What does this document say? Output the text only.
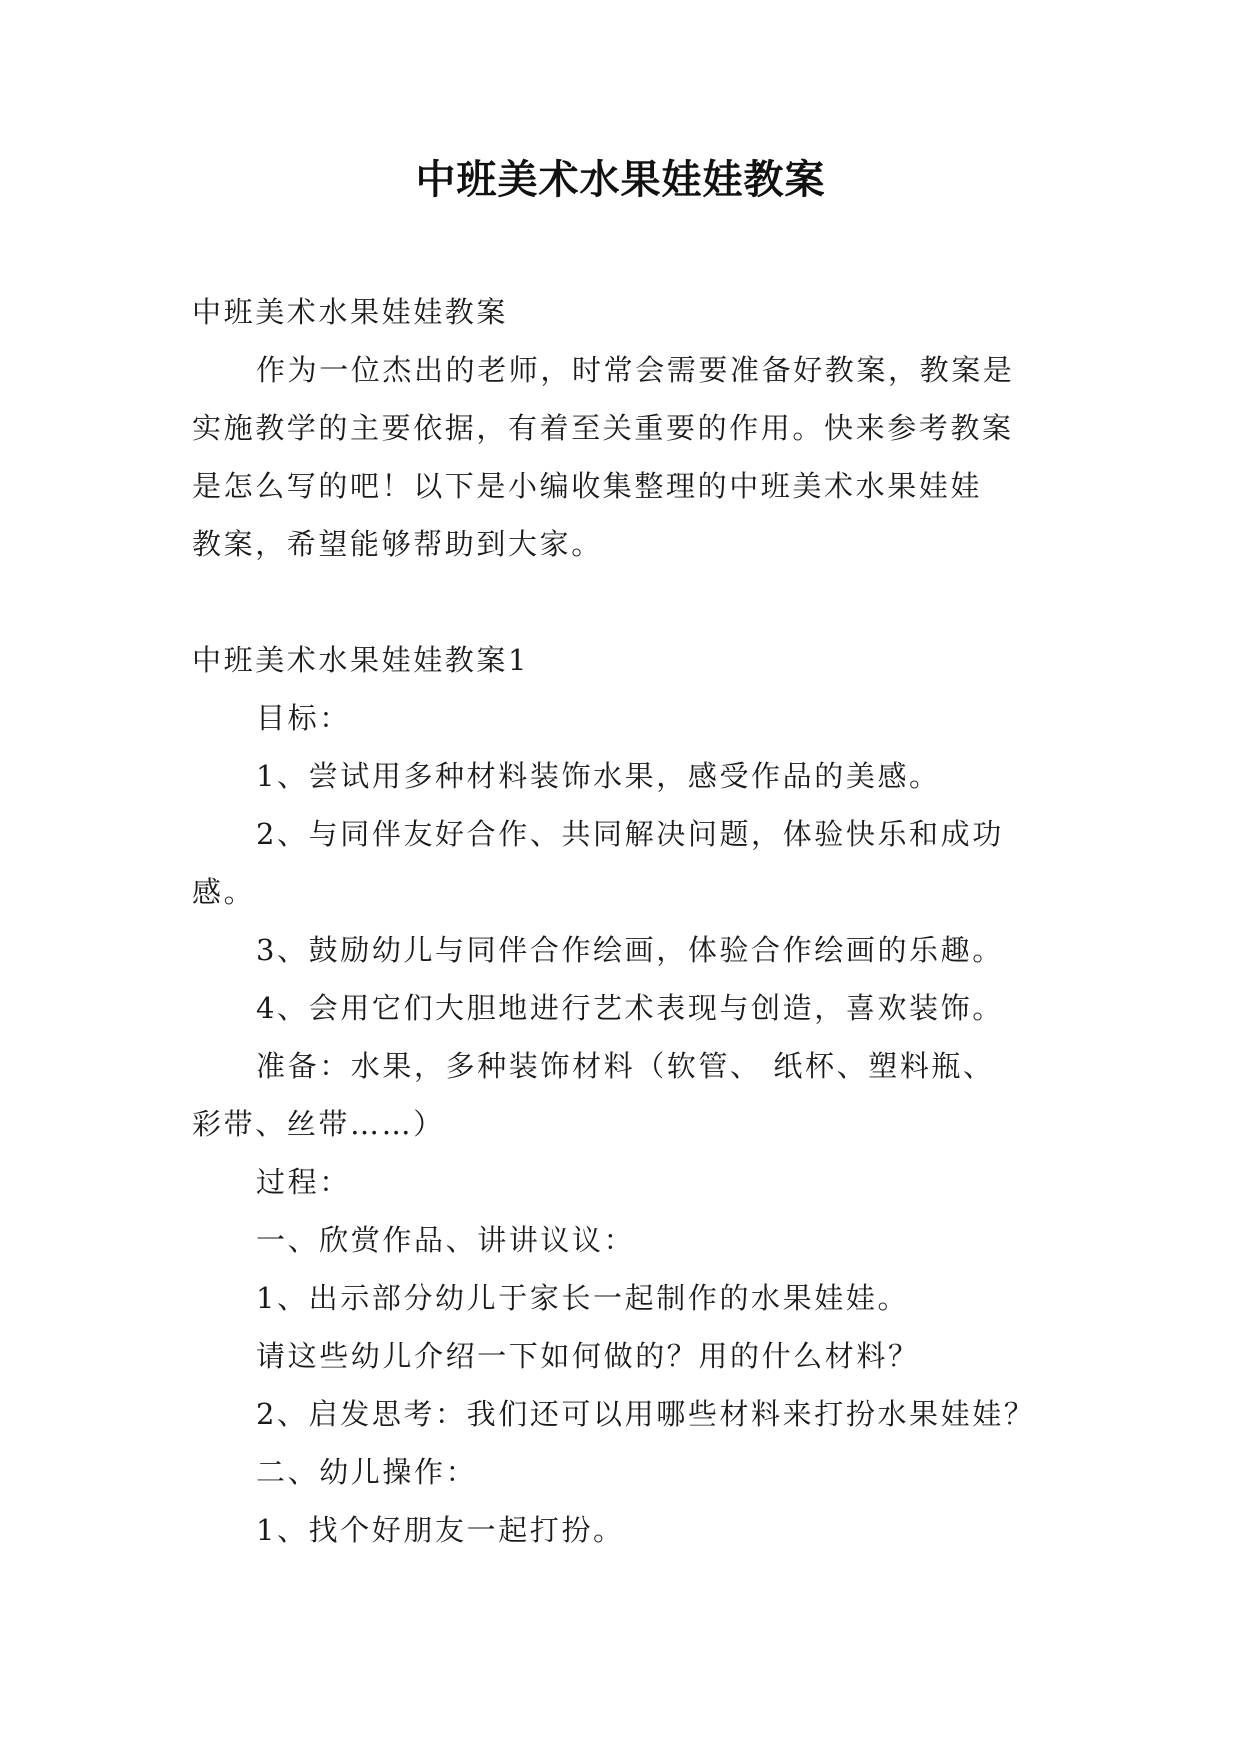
中班美术水果娃娃教案
中班美术水果娃娃教案
作为一位杰出的老师，时常会需要准备好教案，教案是
实施教学的主要依据，有着至关重要的作用。快来参考教案
是怎么写的吧！以下是小编收集整理的中班美术水果娃娃
教案，希望能够帮助到大家。
中班美术水果娃娃教案1
目标：
1、尝试用多种材料装饰水果，感受作品的美感。
2、与同伴友好合作、共同解决问题，体验快乐和成功
感。
3、鼓励幼儿与同伴合作绘画，体验合作绘画的乐趣。
4、会用它们大胆地进行艺术表现与创造，喜欢装饰。
准备：水果，多种装饰材料（软管、 纸杯、塑料瓶、
彩带、丝带……）
过程：
一、欣赏作品、讲讲议议：
1、出示部分幼儿于家长一起制作的水果娃娃。
请这些幼儿介绍一下如何做的？用的什么材料？
2、启发思考：我们还可以用哪些材料来打扮水果娃娃？
二、幼儿操作：
1、找个好朋友一起打扮。
